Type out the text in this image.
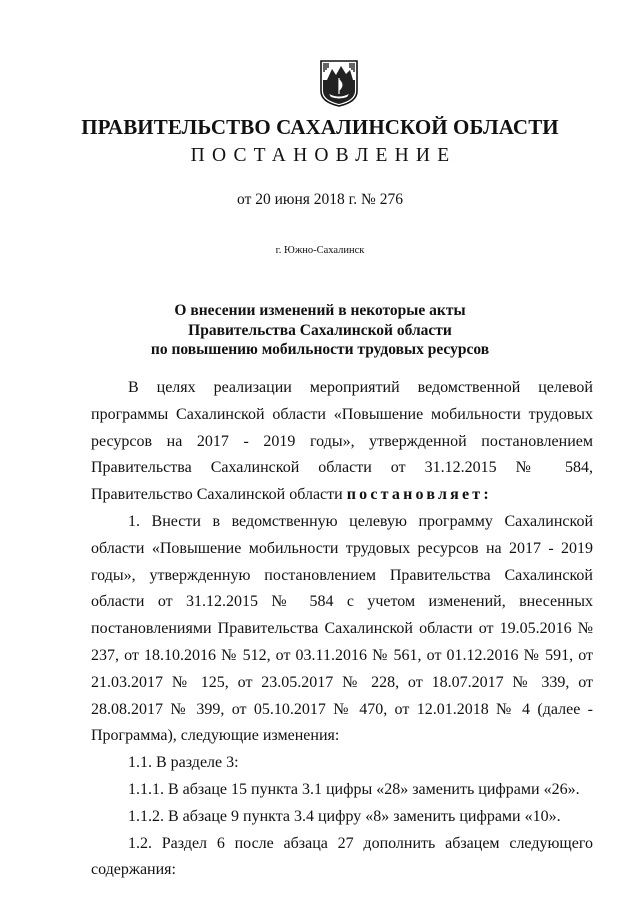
ПРАВИТЕЛЬСТВО САХАЛИНСКОЙ ОБЛАСТИ
ПОСТАНОВЛЕНИЕ
от 20 июня 2018 г. № 276
г. Южно-Сахалинск
О внесении изменений в некоторые акты
Правительства Сахалинской области
по повышению мобильности трудовых ресурсов

В целях реализации мероприятий ведомственной целевой программы Сахалинской области «Повышение мобильности трудовых ресурсов на 2017 - 2019 годы», утвержденной постановлением Правительства Сахалинской области от 31.12.2015 № 584, Правительство Сахалинской области постановляет:

1. Внести в ведомственную целевую программу Сахалинской области «Повышение мобильности трудовых ресурсов на 2017 - 2019 годы», утвержденную постановлением Правительства Сахалинской области от 31.12.2015 № 584 с учетом изменений, внесенных постановлениями Правительства Сахалинской области от 19.05.2016 № 237, от 18.10.2016 № 512, от 03.11.2016 № 561, от 01.12.2016 № 591, от 21.03.2017 № 125, от 23.05.2017 № 228, от 18.07.2017 № 339, от 28.08.2017 № 399, от 05.10.2017 № 470, от 12.01.2018 № 4 (далее - Программа), следующие изменения:

1.1. В разделе 3:

1.1.1. В абзаце 15 пункта 3.1 цифры «28» заменить цифрами «26».

1.1.2. В абзаце 9 пункта 3.4 цифру «8» заменить цифрами «10».

1.2. Раздел 6 после абзаца 27 дополнить абзацем следующего содержания:
